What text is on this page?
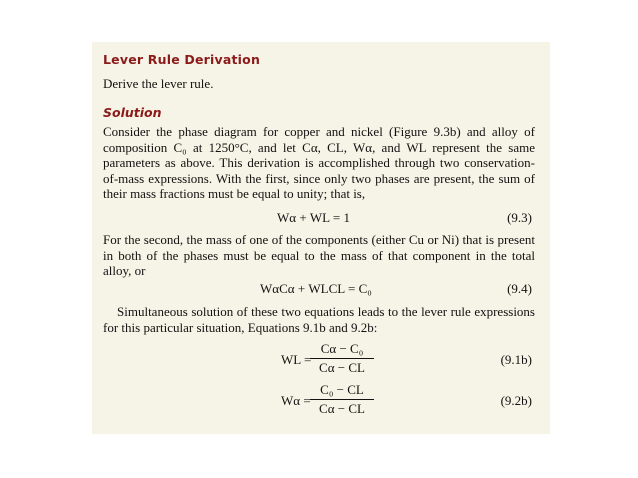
Lever Rule Derivation
Derive the lever rule.
Solution
Consider the phase diagram for copper and nickel (Figure 9.3b) and alloy of composition C₀ at 1250°C, and let Cα, CL, Wα, and WL represent the same parameters as above. This derivation is accomplished through two conservation-of-mass expressions. With the first, since only two phases are present, the sum of their mass fractions must be equal to unity; that is,
Wα + WL = 1	(9.3)
For the second, the mass of one of the components (either Cu or Ni) that is present in both of the phases must be equal to the mass of that component in the total alloy, or
WαCα + WLCL = C₀	(9.4)
Simultaneous solution of these two equations leads to the lever rule expressions for this particular situation, Equations 9.1b and 9.2b:
WL =
Cα − C₀
Cα − CL
(9.1b)
Wα =
C₀ − CL
Cα − CL
(9.2b)
